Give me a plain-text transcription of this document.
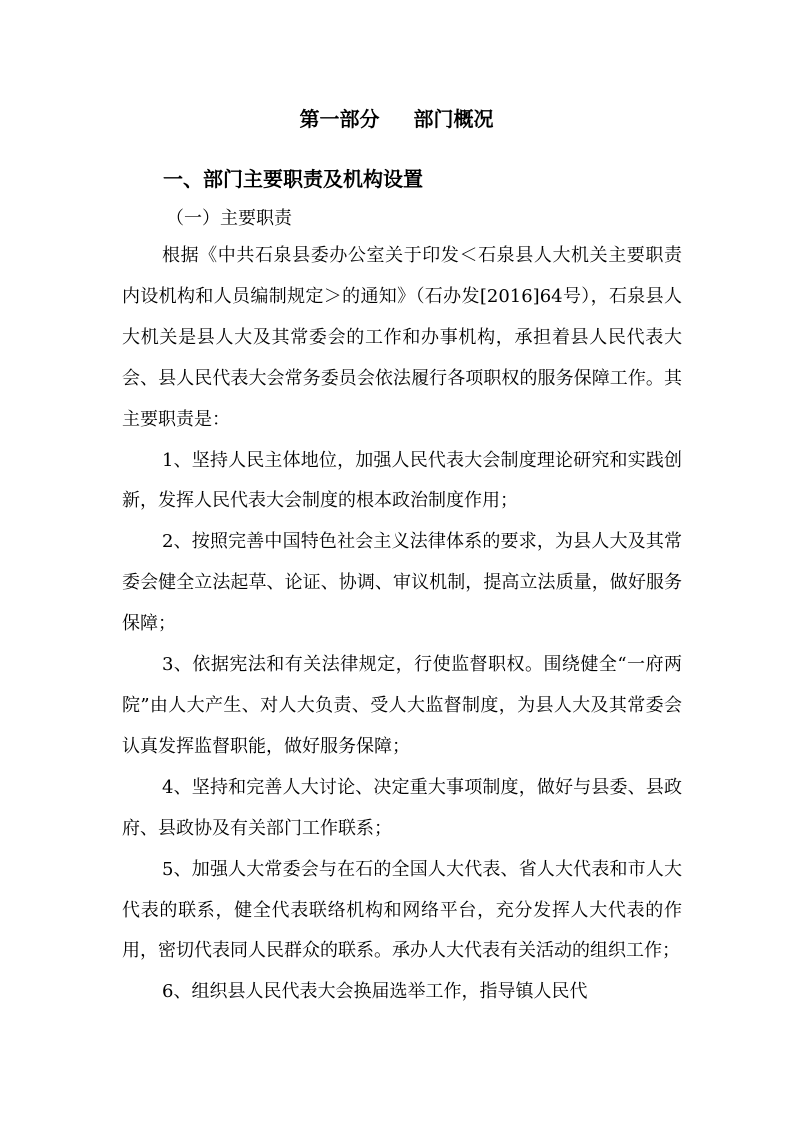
第一部分 部门概况
一、部门主要职责及机构设置
（一）主要职责

根据《中共石泉县委办公室关于印发＜石泉县人大机关主要职责内设机构和人员编制规定＞的通知》（石办发[2016]64号），石泉县人大机关是县人大及其常委会的工作和办事机构，承担着县人民代表大会、县人民代表大会常务委员会依法履行各项职权的服务保障工作。其主要职责是：

1、坚持人民主体地位，加强人民代表大会制度理论研究和实践创新，发挥人民代表大会制度的根本政治制度作用；

2、按照完善中国特色社会主义法律体系的要求，为县人大及其常委会健全立法起草、论证、协调、审议机制，提高立法质量，做好服务保障；

3、依据宪法和有关法律规定，行使监督职权。围绕健全“一府两院”由人大产生、对人大负责、受人大监督制度，为县人大及其常委会认真发挥监督职能，做好服务保障；

4、坚持和完善人大讨论、决定重大事项制度，做好与县委、县政府、县政协及有关部门工作联系；

5、加强人大常委会与在石的全国人大代表、省人大代表和市人大代表的联系，健全代表联络机构和网络平台，充分发挥人大代表的作用，密切代表同人民群众的联系。承办人大代表有关活动的组织工作；

6、组织县人民代表大会换届选举工作，指导镇人民代
